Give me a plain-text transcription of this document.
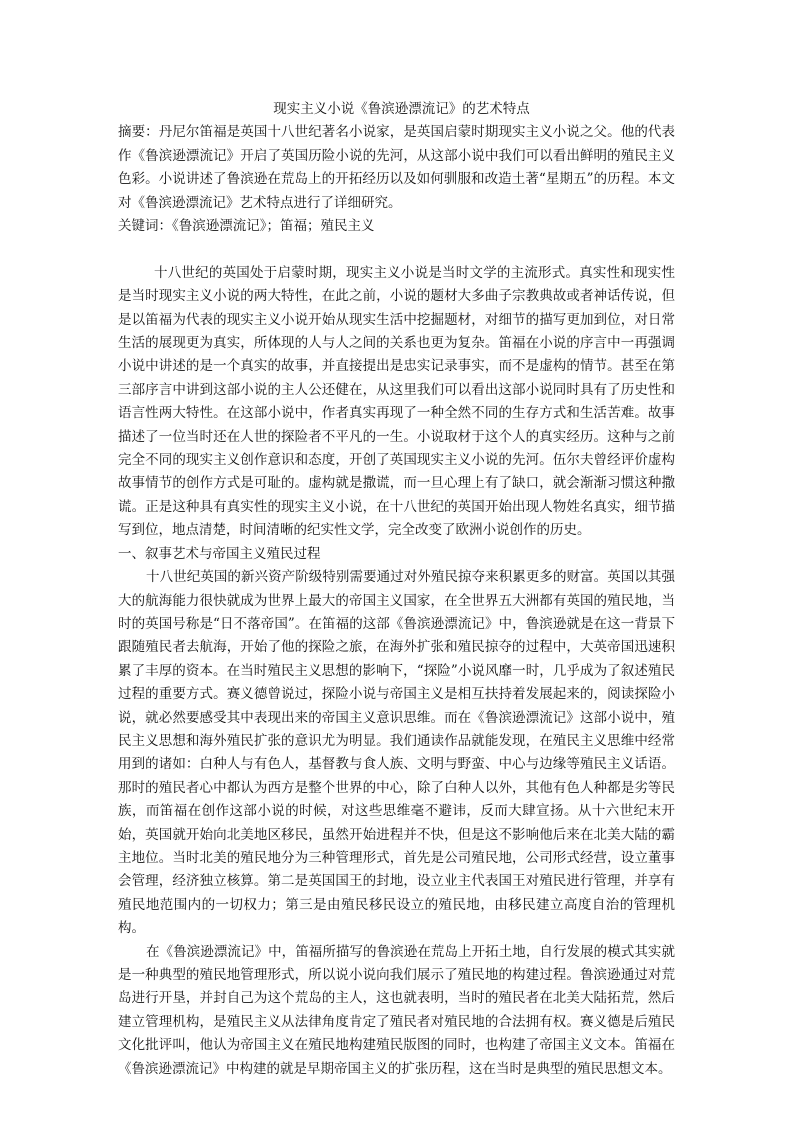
现实主义小说《鲁滨逊漂流记》的艺术特点

摘要：丹尼尔笛福是英国十八世纪著名小说家，是英国启蒙时期现实主义小说之父。他的代表作《鲁滨逊漂流记》开启了英国历险小说的先河，从这部小说中我们可以看出鲜明的殖民主义色彩。小说讲述了鲁滨逊在荒岛上的开拓经历以及如何驯服和改造土著“星期五”的历程。本文对《鲁滨逊漂流记》艺术特点进行了详细研究。

关键词：《鲁滨逊漂流记》；笛福；殖民主义

十八世纪的英国处于启蒙时期，现实主义小说是当时文学的主流形式。真实性和现实性是当时现实主义小说的两大特性，在此之前，小说的题材大多曲子宗教典故或者神话传说，但是以笛福为代表的现实主义小说开始从现实生活中挖掘题材，对细节的描写更加到位，对日常生活的展现更为真实，所体现的人与人之间的关系也更为复杂。笛福在小说的序言中一再强调小说中讲述的是一个真实的故事，并直接提出是忠实记录事实，而不是虚构的情节。甚至在第三部序言中讲到这部小说的主人公还健在，从这里我们可以看出这部小说同时具有了历史性和语言性两大特性。在这部小说中，作者真实再现了一种全然不同的生存方式和生活苦难。故事描述了一位当时还在人世的探险者不平凡的一生。小说取材于这个人的真实经历。这种与之前完全不同的现实主义创作意识和态度，开创了英国现实主义小说的先河。伍尔夫曾经评价虚构故事情节的创作方式是可耻的。虚构就是撒谎，而一旦心理上有了缺口，就会渐渐习惯这种撒谎。正是这种具有真实性的现实主义小说，在十八世纪的英国开始出现人物姓名真实，细节描写到位，地点清楚，时间清晰的纪实性文学，完全改变了欧洲小说创作的历史。

一、叙事艺术与帝国主义殖民过程

十八世纪英国的新兴资产阶级特别需要通过对外殖民掠夺来积累更多的财富。英国以其强大的航海能力很快就成为世界上最大的帝国主义国家，在全世界五大洲都有英国的殖民地，当时的英国号称是“日不落帝国”。在笛福的这部《鲁滨逊漂流记》中，鲁滨逊就是在这一背景下跟随殖民者去航海，开始了他的探险之旅，在海外扩张和殖民掠夺的过程中，大英帝国迅速积累了丰厚的资本。在当时殖民主义思想的影响下，“探险”小说风靡一时，几乎成为了叙述殖民过程的重要方式。赛义德曾说过，探险小说与帝国主义是相互扶持着发展起来的，阅读探险小说，就必然要感受其中表现出来的帝国主义意识思维。而在《鲁滨逊漂流记》这部小说中，殖民主义思想和海外殖民扩张的意识尤为明显。我们通读作品就能发现，在殖民主义思维中经常用到的诸如：白种人与有色人，基督教与食人族、文明与野蛮、中心与边缘等殖民主义话语。那时的殖民者心中都认为西方是整个世界的中心，除了白种人以外，其他有色人种都是劣等民族，而笛福在创作这部小说的时候，对这些思维毫不避讳，反而大肆宣扬。从十六世纪末开始，英国就开始向北美地区移民，虽然开始进程并不快，但是这不影响他后来在北美大陆的霸主地位。当时北美的殖民地分为三种管理形式，首先是公司殖民地，公司形式经营，设立董事会管理，经济独立核算。第二是英国国王的封地，设立业主代表国王对殖民进行管理，并享有殖民地范围内的一切权力；第三是由殖民移民设立的殖民地，由移民建立高度自治的管理机构。

在《鲁滨逊漂流记》中，笛福所描写的鲁滨逊在荒岛上开拓土地，自行发展的模式其实就是一种典型的殖民地管理形式，所以说小说向我们展示了殖民地的构建过程。鲁滨逊通过对荒岛进行开垦，并封自己为这个荒岛的主人，这也就表明，当时的殖民者在北美大陆拓荒，然后建立管理机构，是殖民主义从法律角度肯定了殖民者对殖民地的合法拥有权。赛义德是后殖民文化批评叫，他认为帝国主义在殖民地构建殖民版图的同时，也构建了帝国主义文本。笛福在《鲁滨逊漂流记》中构建的就是早期帝国主义的扩张历程，这在当时是典型的殖民思想文本。
